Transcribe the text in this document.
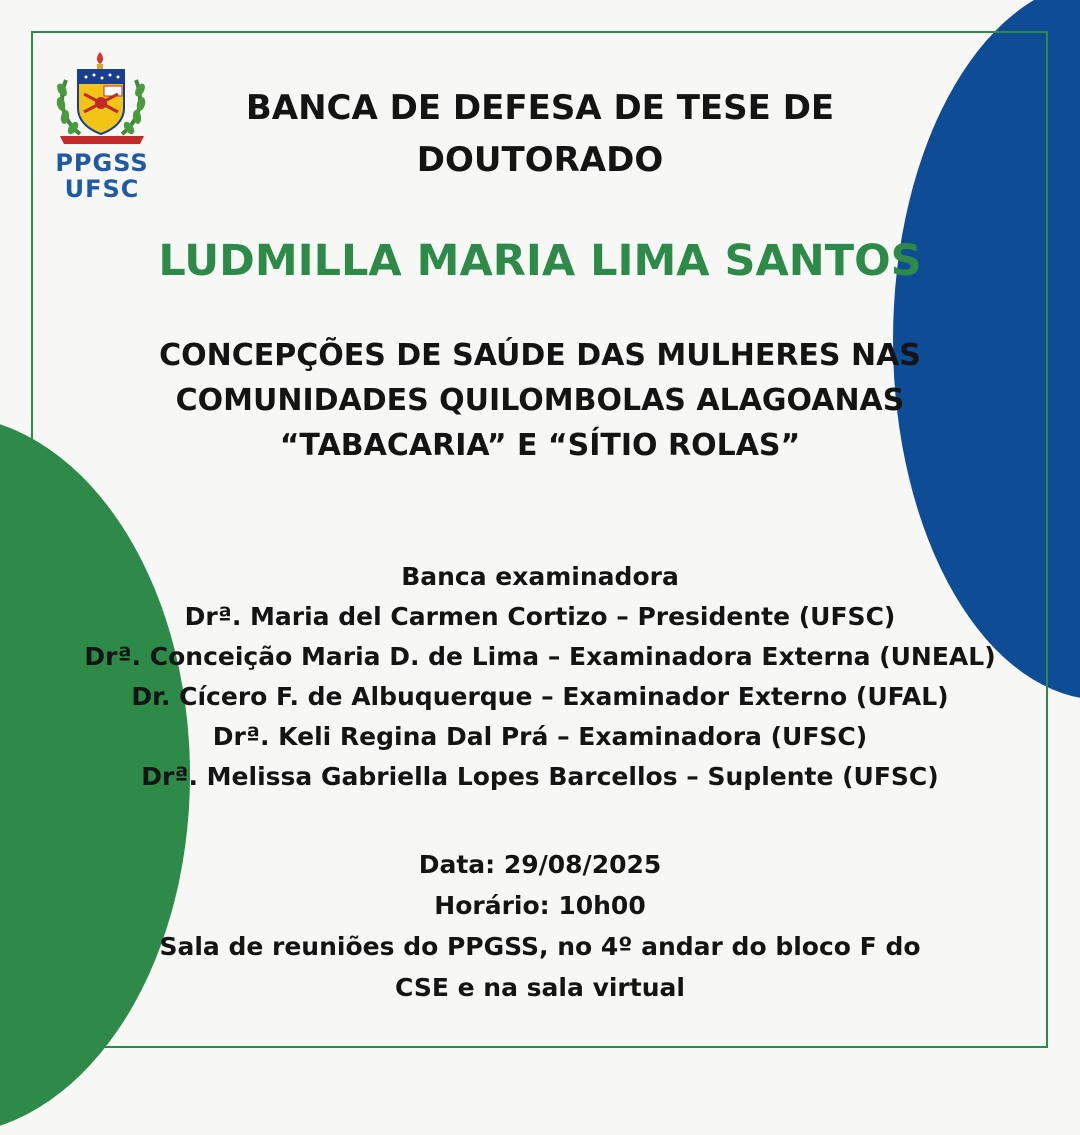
PPGSS
UFSC
BANCA DE DEFESA DE TESE DE DOUTORADO
LUDMILLA MARIA LIMA SANTOS
CONCEPÇÕES DE SAÚDE DAS MULHERES NAS COMUNIDADES QUILOMBOLAS ALAGOANAS “TABACARIA” E “SÍTIO ROLAS”
Banca examinadora
Drª. Maria del Carmen Cortizo – Presidente (UFSC)
Drª. Conceição Maria D. de Lima – Examinadora Externa (UNEAL)
Dr. Cícero F. de Albuquerque – Examinador Externo (UFAL)
Drª. Keli Regina Dal Prá – Examinadora (UFSC)
Drª. Melissa Gabriella Lopes Barcellos – Suplente (UFSC)
Data: 29/08/2025
Horário: 10h00
Sala de reuniões do PPGSS, no 4º andar do bloco F do
CSE e na sala virtual
